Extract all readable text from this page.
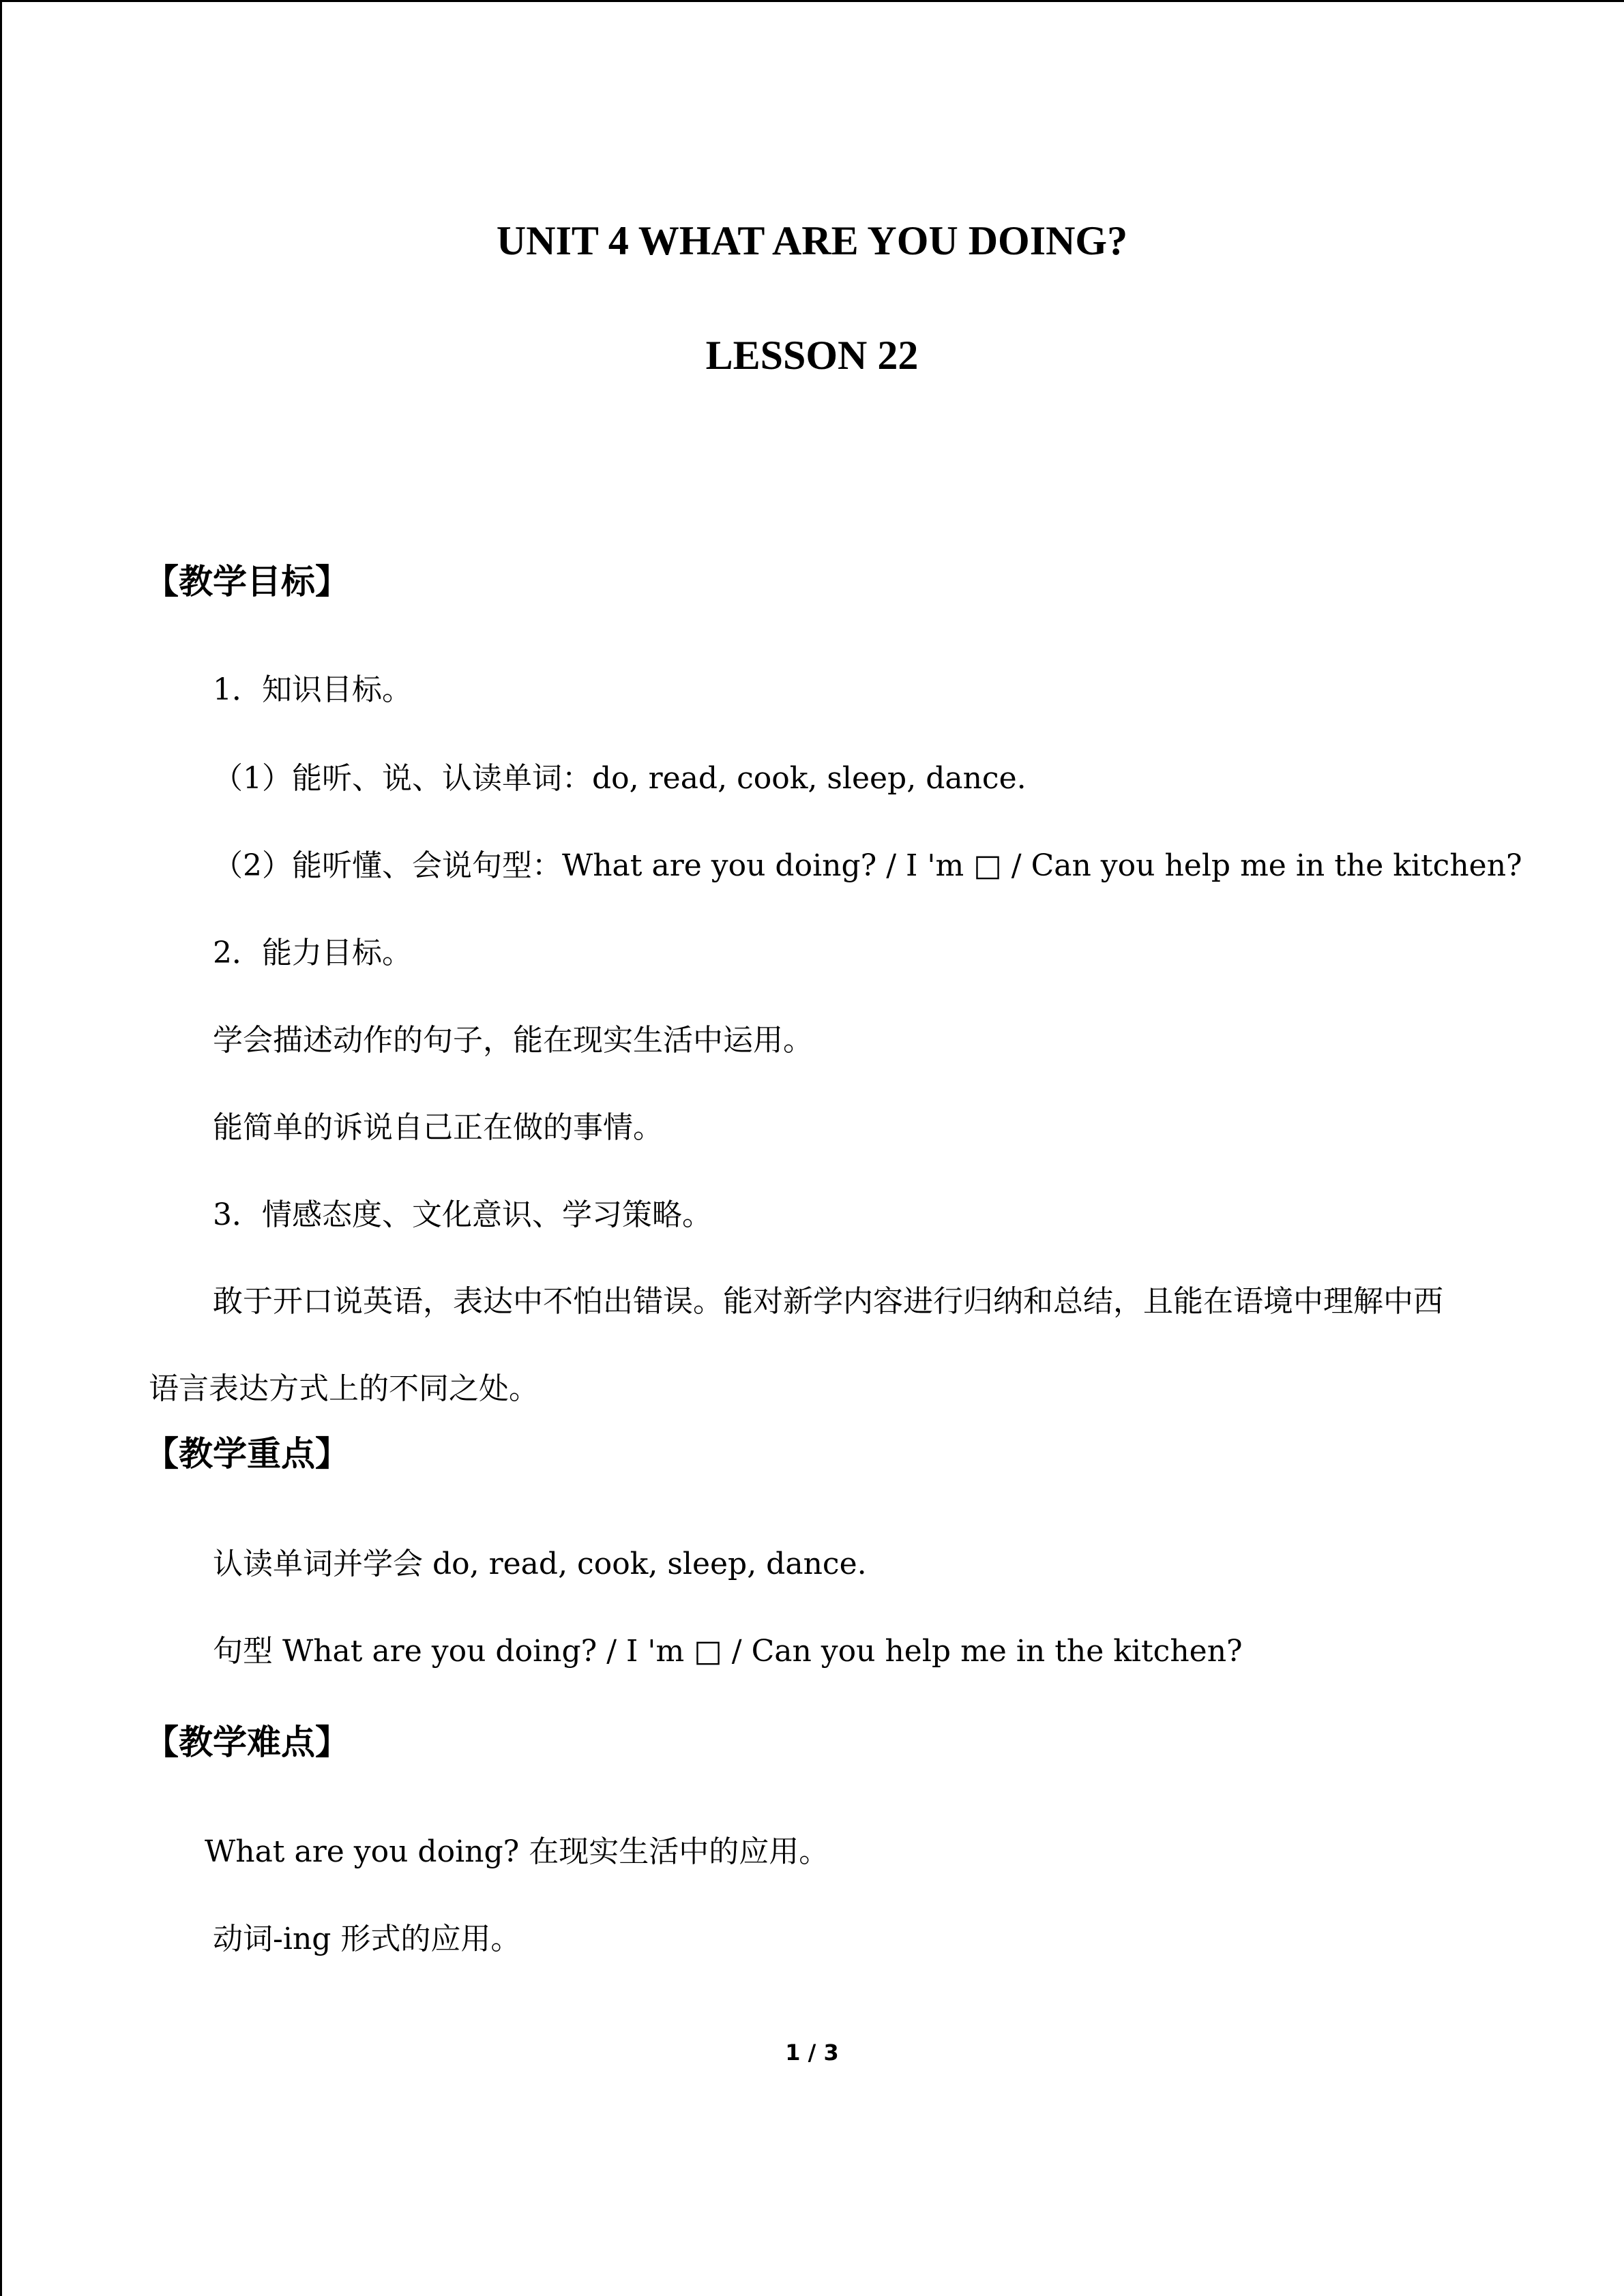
UNIT 4 WHAT ARE YOU DOING?
LESSON 22
【教学目标】
1．知识目标。
（1）能听、说、认读单词：do, read, cook, sleep, dance.
（2）能听懂、会说句型：What are you doing? / I 'm □ / Can you help me in the kitchen?
2．能力目标。
学会描述动作的句子，能在现实生活中运用。
能简单的诉说自己正在做的事情。
3．情感态度、文化意识、学习策略。
敢于开口说英语，表达中不怕出错误。能对新学内容进行归纳和总结，且能在语境中理解中西语言表达方式上的不同之处。
【教学重点】
认读单词并学会 do, read, cook, sleep, dance.
句型 What are you doing? / I 'm □ / Can you help me in the kitchen?
【教学难点】
What are you doing? 在现实生活中的应用。
动词-ing 形式的应用。
1 / 3
